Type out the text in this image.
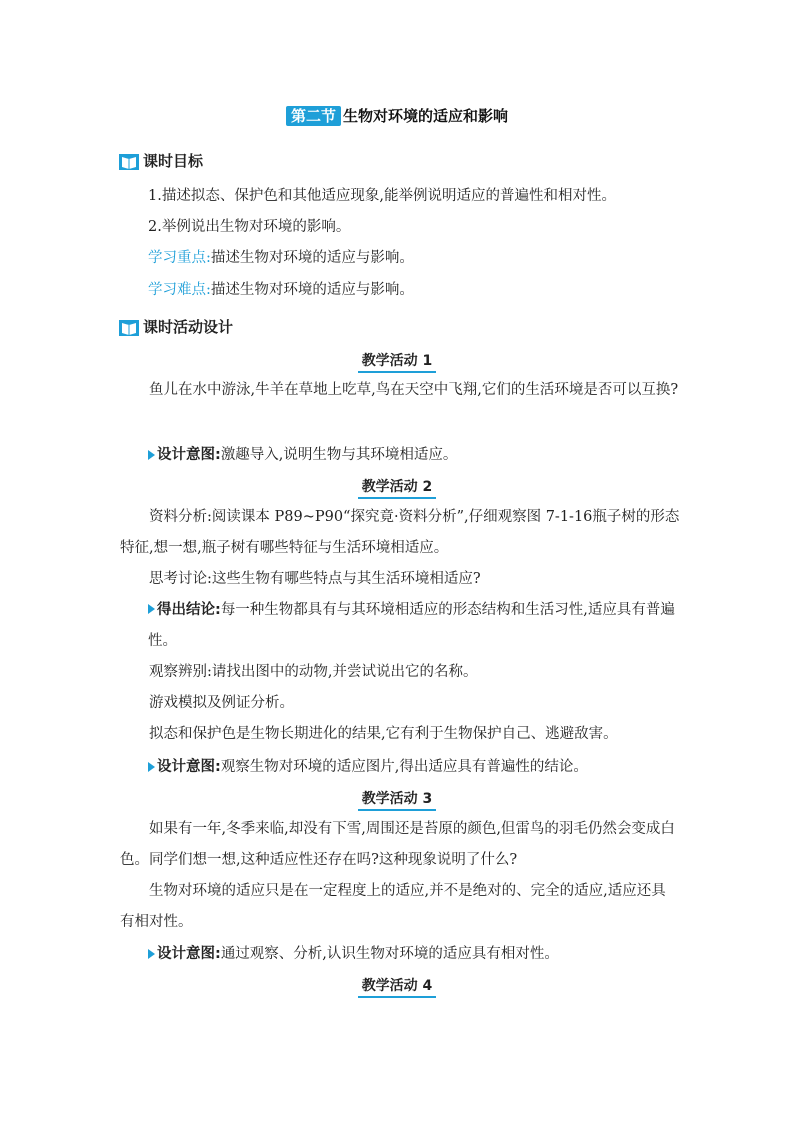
第二节 生物对环境的适应和影响
课时目标
1.描述拟态、保护色和其他适应现象,能举例说明适应的普遍性和相对性。
2.举例说出生物对环境的影响。
学习重点:描述生物对环境的适应与影响。
学习难点:描述生物对环境的适应与影响。
课时活动设计
教学活动 1
鱼儿在水中游泳,牛羊在草地上吃草,鸟在天空中飞翔,它们的生活环境是否可以互换?
设计意图: 激趣导入,说明生物与其环境相适应。
教学活动 2
资料分析:阅读课本 P89~P90“探究竟·资料分析”,仔细观察图 7-1-16瓶子树的形态特征,想一想,瓶子树有哪些特征与生活环境相适应。
思考讨论:这些生物有哪些特点与其生活环境相适应?
得出结论:每一种生物都具有与其环境相适应的形态结构和生活习性,适应具有普遍性。
观察辨别:请找出图中的动物,并尝试说出它的名称。
游戏模拟及例证分析。
拟态和保护色是生物长期进化的结果,它有利于生物保护自己、逃避敌害。
设计意图: 观察生物对环境的适应图片,得出适应具有普遍性的结论。
教学活动 3
如果有一年,冬季来临,却没有下雪,周围还是苔原的颜色,但雷鸟的羽毛仍然会变成白色。同学们想一想,这种适应性还存在吗?这种现象说明了什么?
生物对环境的适应只是在一定程度上的适应,并不是绝对的、完全的适应,适应还具有相对性。
设计意图: 通过观察、分析,认识生物对环境的适应具有相对性。
教学活动 4
